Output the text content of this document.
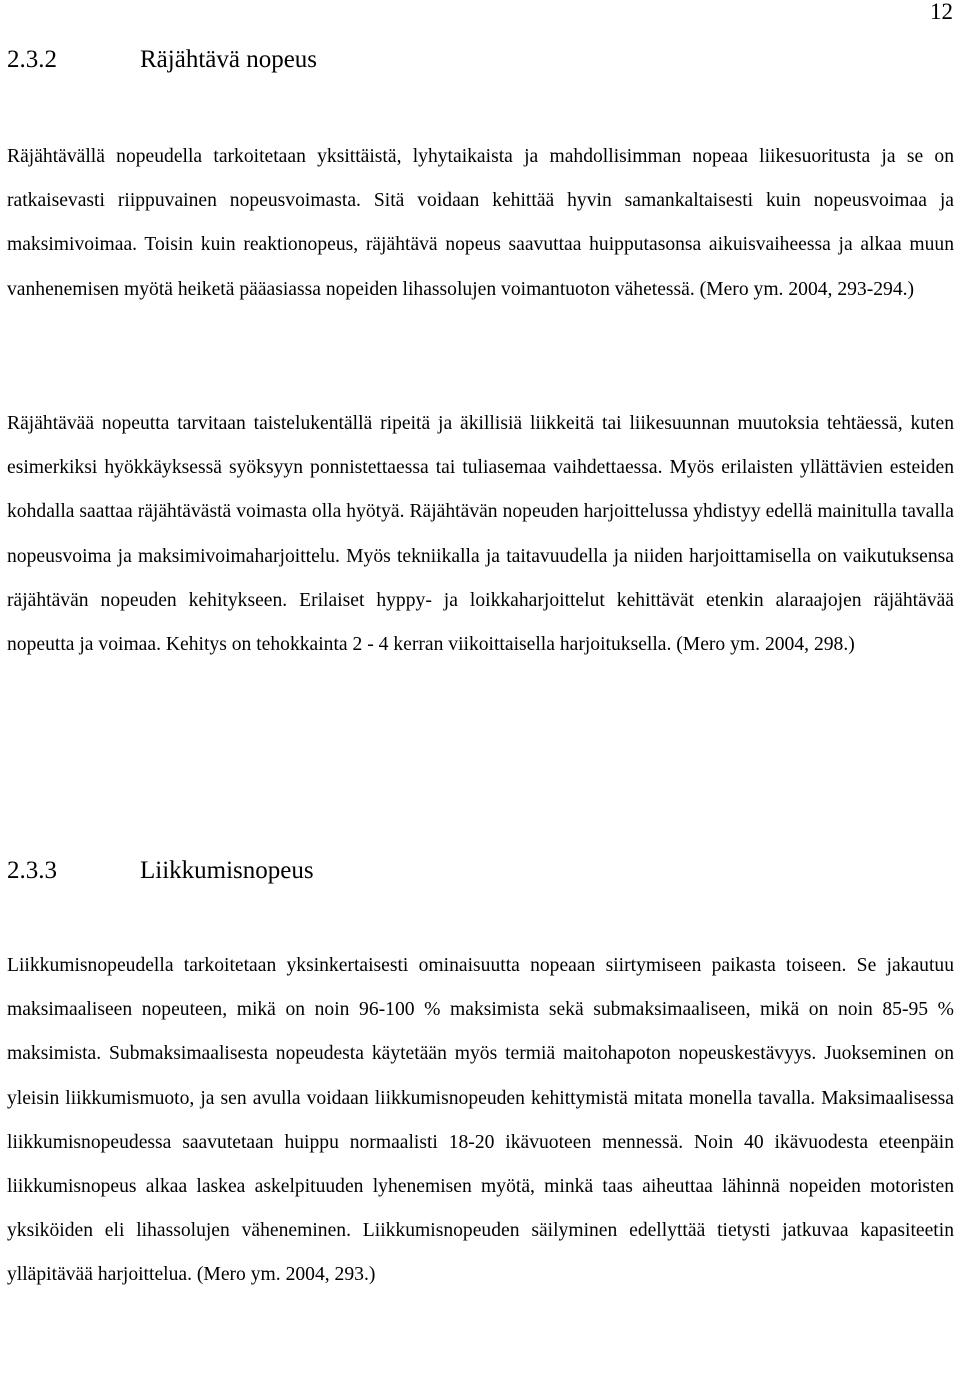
12
2.3.2	Räjähtävä nopeus

Räjähtävällä nopeudella tarkoitetaan yksittäistä, lyhytaikaista ja mahdollisimman nopeaa liikesuoritusta ja se on ratkaisevasti riippuvainen nopeusvoimasta. Sitä voidaan kehittää hyvin samankaltaisesti kuin nopeusvoimaa ja maksimivoimaa. Toisin kuin reaktionopeus, räjähtävä nopeus saavuttaa huipputasonsa aikuisvaiheessa ja alkaa muun vanhenemisen myötä heiketä pääasiassa nopeiden lihassolujen voimantuoton vähetessä. (Mero ym. 2004, 293-294.)

Räjähtävää nopeutta tarvitaan taistelukentällä ripeitä ja äkillisiä liikkeitä tai liikesuunnan muutoksia tehtäessä, kuten esimerkiksi hyökkäyksessä syöksyyn ponnistettaessa tai tuliasemaa vaihdettaessa. Myös erilaisten yllättävien esteiden kohdalla saattaa räjähtävästä voimasta olla hyötyä. Räjähtävän nopeuden harjoittelussa yhdistyy edellä mainitulla tavalla nopeusvoima ja maksimivoimaharjoittelu. Myös tekniikalla ja taitavuudella ja niiden harjoittamisella on vaikutuksensa räjähtävän nopeuden kehitykseen. Erilaiset hyppy- ja loikkaharjoittelut kehittävät etenkin alaraajojen räjähtävää nopeutta ja voimaa. Kehitys on tehokkainta 2 - 4 kerran viikoittaisella harjoituksella. (Mero ym. 2004, 298.)

2.3.3	Liikkumisnopeus

Liikkumisnopeudella tarkoitetaan yksinkertaisesti ominaisuutta nopeaan siirtymiseen paikasta toiseen. Se jakautuu maksimaaliseen nopeuteen, mikä on noin 96-100 % maksimista sekä submaksimaaliseen, mikä on noin 85-95 % maksimista. Submaksimaalisesta nopeudesta käytetään myös termiä maitohapoton nopeuskestävyys. Juokseminen on yleisin liikkumismuoto, ja sen avulla voidaan liikkumisnopeuden kehittymistä mitata monella tavalla. Maksimaalisessa liikkumisnopeudessa saavutetaan huippu normaalisti 18-20 ikävuoteen mennessä. Noin 40 ikävuodesta eteenpäin liikkumisnopeus alkaa laskea askelpituuden lyhenemisen myötä, minkä taas aiheuttaa lähinnä nopeiden motoristen yksiköiden eli lihassolujen väheneminen. Liikkumisnopeuden säilyminen edellyttää tietysti jatkuvaa kapasiteetin ylläpitävää harjoittelua. (Mero ym. 2004, 293.)
